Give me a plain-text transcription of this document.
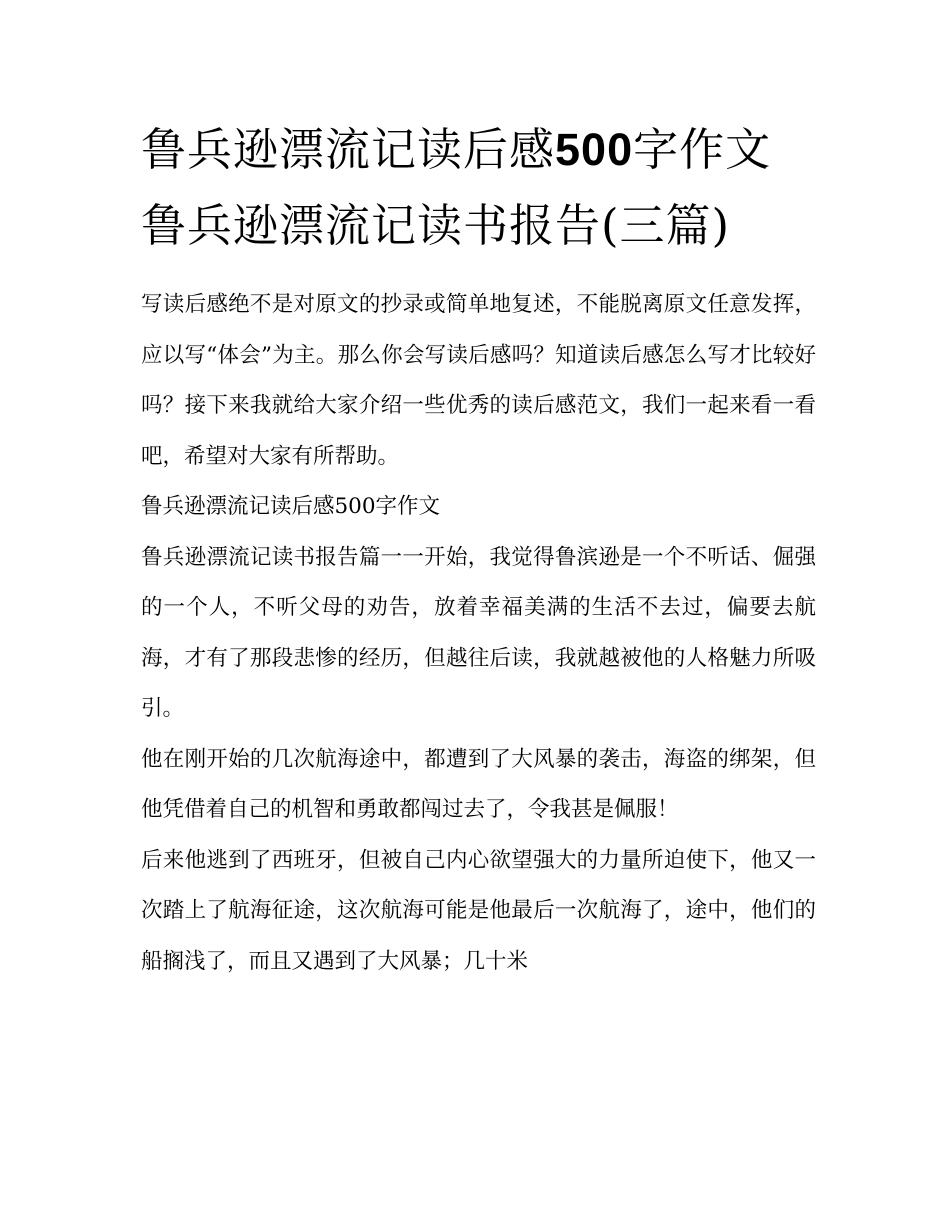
鲁兵逊漂流记读后感500字作文 鲁兵逊漂流记读书报告(三篇)

写读后感绝不是对原文的抄录或简单地复述，不能脱离原文任意发挥，应以写“体会”为主。那么你会写读后感吗？知道读后感怎么写才比较好吗？接下来我就给大家介绍一些优秀的读后感范文，我们一起来看一看吧，希望对大家有所帮助。

鲁兵逊漂流记读后感500字作文

鲁兵逊漂流记读书报告篇一一开始，我觉得鲁滨逊是一个不听话、倔强的一个人，不听父母的劝告，放着幸福美满的生活不去过，偏要去航海，才有了那段悲惨的经历，但越往后读，我就越被他的人格魅力所吸引。

他在刚开始的几次航海途中，都遭到了大风暴的袭击，海盗的绑架，但他凭借着自己的机智和勇敢都闯过去了，令我甚是佩服！

后来他逃到了西班牙，但被自己内心欲望强大的力量所迫使下，他又一次踏上了航海征途，这次航海可能是他最后一次航海了，途中，他们的船搁浅了，而且又遇到了大风暴；几十米
